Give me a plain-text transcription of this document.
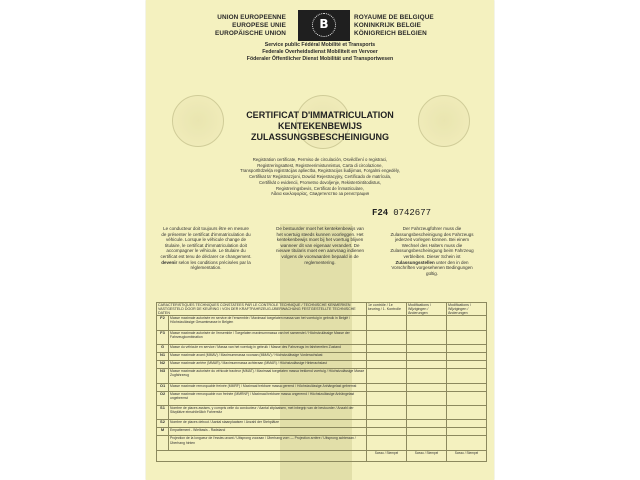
UNION EUROPEENNE
EUROPESE UNIE
EUROPÄISCHE UNION
B	ROYAUME DE BELGIQUE
KONINKRIJK BELGIE
KÖNIGREICH BELGIEN
Service public Fédéral Mobilité et Transports
Federale Overheidsdienst Mobiliteit en Vervoer
Föderaler Öffentlicher Dienst Mobilität und Transportwesen
CERTIFICAT D'IMMATRICULATION
KENTEKENBEWIJS
ZULASSUNGSBESCHEINIGUNG
Registration certificate, Permiso de circulación, Osvědčení o registraci,
Registreringsattest, Registreerimistunnistus, Carta di circolazione,
Transportlīdzekļa reģistrācijas apliecība, Registracijos liudijimas, Forgalmi engedély,
Certifikat ta' Reġistrazzjoni, Dowód Rejestracyjny, Certificado de matrícula,
Certifikát o evidencii, Prometno dovoljenje, Rekisteröintitodistus,
Registreringsbevis, Certificat de înmatriculare,
Άδεια κυκλοφορίας, Свидетелство за регистрация
F24 0742677
Le conducteur doit toujours être en mesure de présenter le certificat d'immatriculation du véhicule. Lorsque le véhicule change de titulaire, le certificat d'immatriculation doit accompagner le véhicule. Le titulaire du certificat est tenu de déclarer ce changement. devenir selon les conditions précisées par la réglementation.
De bestuurder moet het kentekenbewijs van het voertuig steeds kunnen voorleggen. Het kentekenbewijs moet bij het voertuig blijven wanneer dit van eigenaar verandert. De nieuwe titularis moet een aanvraag indienen volgens de voorwaarden bepaald in de reglementering.
Der Fahrzeugführer muss die Zulassungsbescheinigung des Fahrzeugs jederzeit vorlegen können. Bei einem Wechsel des Halters muss die Zulassungsbescheinigung beim Fahrzeug verbleiben. Dieser Schein ist Zulassungsstellen unter den in den Vorschriften vorgesehenen Bedingungen gültig.
CARACTERISTIQUES TECHNIQUES CONSTATEES PAR LE CONTROLE TECHNIQUE / TECHNISCHE KENMERKEN VASTGESTELD DOOR DE KEURING / VON DER KRAFTFAHRZEUG-ÜBERWACHUNG FESTGESTELLTE TECHNISCHE DATEN		1e contrôle / 1e keuring / 1. Kontrolle	Modifications / Wijzigingen / Änderungen	Modifications / Wijzigingen / Änderungen
F2	Masse maximale autorisée en service de l'ensemble / Maximaal toegelaten massa van het voertuig in gebruik in België / Höchstzulässige Gesamtmasse in Belgien			
F3	Masse maximale autorisée de l'ensemble / Toegelaten maximummassa van het samenstel / Höchstzulässige Masse der Fahrzeugkombination			
G	Masse du véhicule en service / Massa van het voertuig in gebruik / Masse des Fahrzeugs im fahrbereiten Zustand			
N1	Masse maximale avant (MMAV) / Maximummassa vooraan (MMAV) / Höchstzulässige Vorderachslast			
N2	Masse maximale arrière (MMAR) / Maximummassa achteraan (MMAR) / Höchstzulässige Hinterachslast			
N3	Masse maximale autorisée du véhicule tracteur (MMAT) / Maximaal toegelaten massa trekkend voertuig / Höchstzulässige Masse Zugfahrzeug			
O1	Masse maximale remorquable freinée (MMRF) / Maximaal trekbare massa geremd / Höchstzulässige Anhängelast gebremst			
O2	Masse maximale remorquable non freinée (MMRNF) / Maximaal trekbare massa ongeremd / Höchstzulässige Anhängelast ungebremst			
S1	Nombre de places assises, y compris celle du conducteur / Aantal zitplaatsen, met inbegrip van de bestuurder / Anzahl der Sitzplätze einschließlich Fahrersitz			
S2	Nombre de places debout / Aantal staanplaatsen / Anzahl der Stehplätze			
M	Empattement - Wielbasis - Radstand			
	Projection de la longueur de l'essieu avant / Uitsprong vooraan / Überhang vorn — Projection arrière / Uitsprong achteraan / Überhang hinten			
		Sceau / Stempel	Sceau / Stempel	Sceau / Stempel
